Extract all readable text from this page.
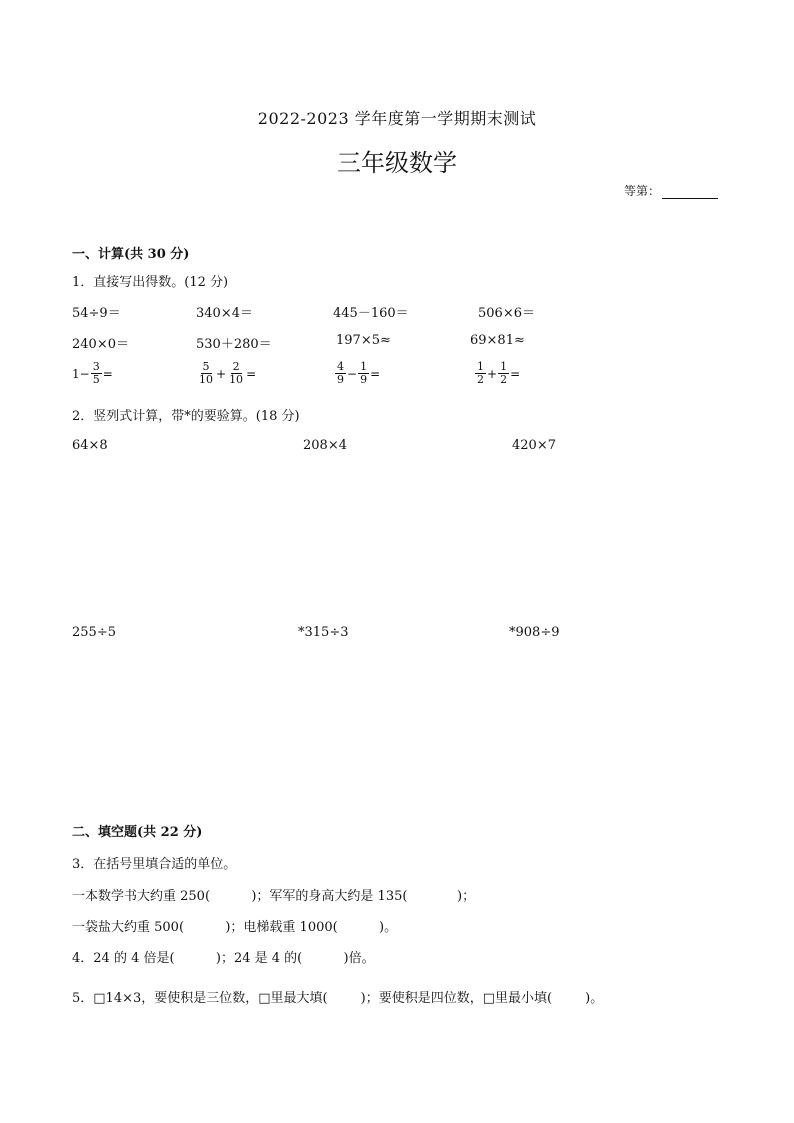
2022-2023 学年度第一学期期末测试
三年级数学
等第：
一、计算(共 30 分)
1．直接写出得数。(12 分)
54÷9＝	340×4＝	445－160＝	506×6＝
240×0＝	530＋280＝	197×5≈	69×81≈
$1- \frac{3}{5}$ =	$\frac{5}{10} + \frac{2}{10}$ =	$\frac{4}{9} - \frac{1}{9}$ =	$\frac{1}{2} + \frac{1}{2}$ =
2．竖列式计算，带*的要验算。(18 分)
64×8	208×4	420×7
255÷5	*315÷3	*908÷9
二、填空题(共 22 分)
3．在括号里填合适的单位。
一本数学书大约重 250(          )；军军的身高大约是 135(            )；
一袋盐大约重 500(          )；电梯载重 1000(          )。
4．24 的 4 倍是(          )；24 是 4 的(          )倍。
5．□14×3，要使积是三位数，□里最大填(        )；要使积是四位数，□里最小填(        )。
